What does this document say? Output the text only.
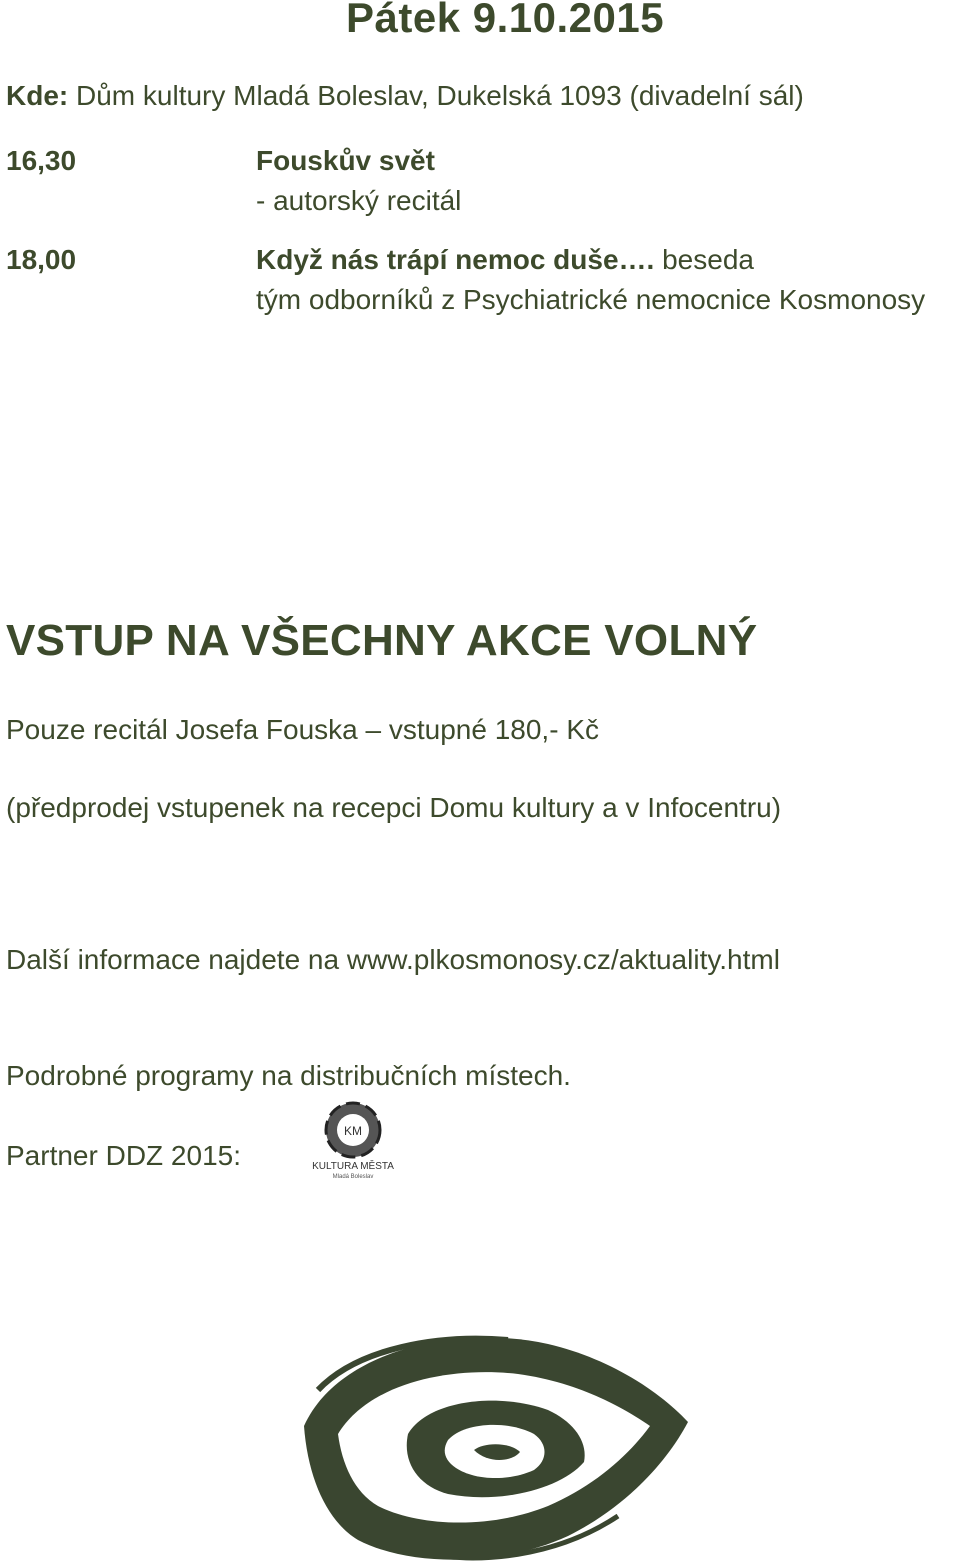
Pátek 9.10.2015
Kde: Dům kultury Mladá Boleslav, Dukelská 1093 (divadelní sál)
16,30	Fouskův svět
- autorský recitál
18,00	Když nás trápí nemoc duše…. beseda
tým odborníků z Psychiatrické nemocnice Kosmonosy
VSTUP NA VŠECHNY AKCE VOLNÝ
Pouze recitál Josefa Fouska – vstupné 180,- Kč
(předprodej vstupenek na recepci Domu kultury a v Infocentru)
Další informace najdete na www.plkosmonosy.cz/aktuality.html
Podrobné programy na distribučních místech.
Partner DDZ 2015:
KM
KULTURA MĚSTA
Mladá Boleslav
